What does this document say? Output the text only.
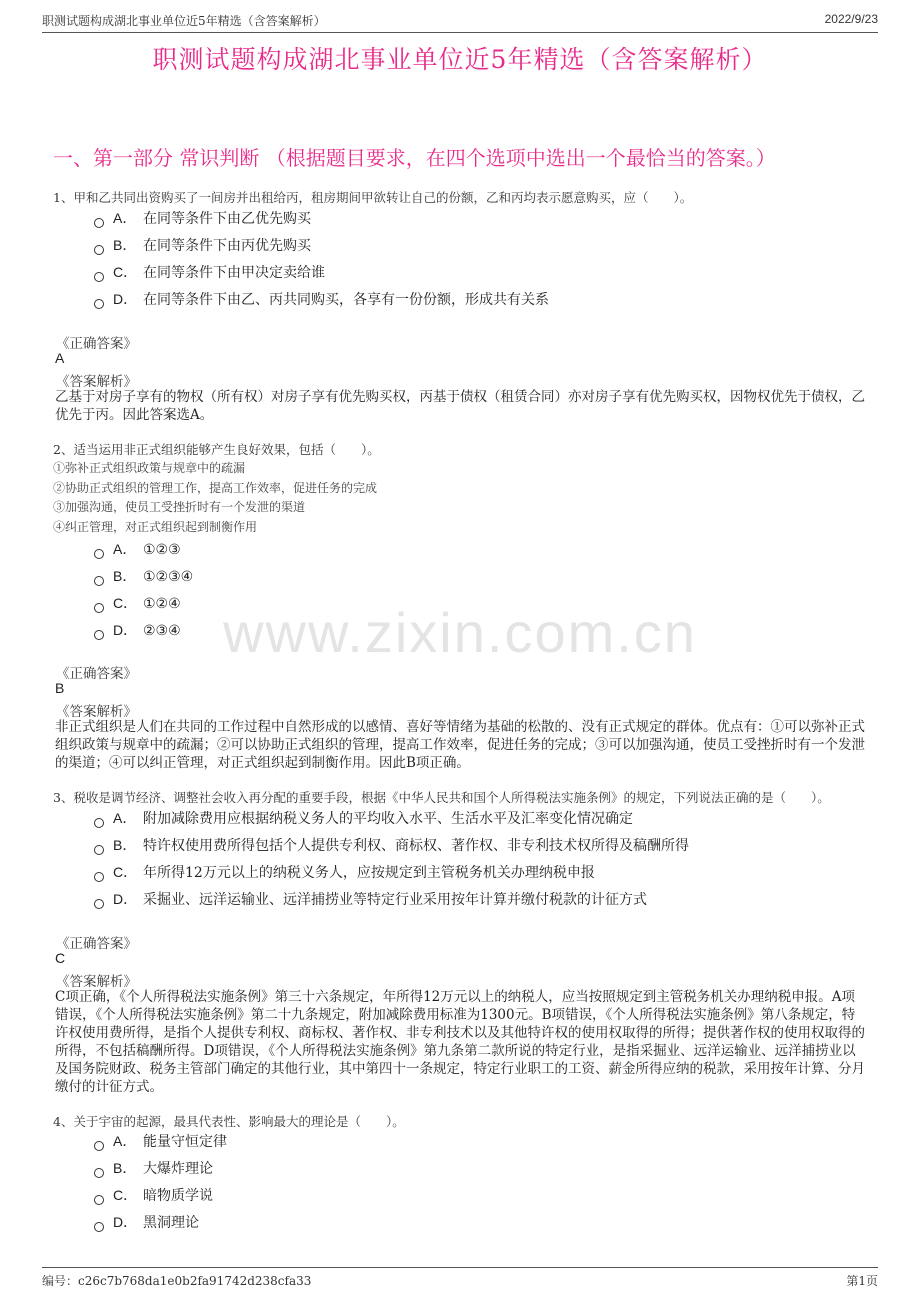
职测试题构成湖北事业单位近5年精选（含答案解析）	2022/9/23
职测试题构成湖北事业单位近5年精选（含答案解析）
一、第一部分 常识判断 （根据题目要求，在四个选项中选出一个最恰当的答案。）
www.zixin.com.cn
1、甲和乙共同出资购买了一间房并出租给丙，租房期间甲欲转让自己的份额，乙和丙均表示愿意购买，应（　　）。
A． 在同等条件下由乙优先购买
B． 在同等条件下由丙优先购买
C． 在同等条件下由甲决定卖给谁
D． 在同等条件下由乙、丙共同购买，各享有一份份额，形成共有关系
《正确答案》
A
《答案解析》
乙基于对房子享有的物权（所有权）对房子享有优先购买权，丙基于债权（租赁合同）亦对房子享有优先购买权，因物权优先于债权，乙优先于丙。因此答案选A。
2、适当运用非正式组织能够产生良好效果，包括（　　）。
①弥补正式组织政策与规章中的疏漏
②协助正式组织的管理工作，提高工作效率，促进任务的完成
③加强沟通，使员工受挫折时有一个发泄的渠道
④纠正管理，对正式组织起到制衡作用
A． ①②③
B． ①②③④
C． ①②④
D． ②③④
《正确答案》
B
《答案解析》
非正式组织是人们在共同的工作过程中自然形成的以感情、喜好等情绪为基础的松散的、没有正式规定的群体。优点有：①可以弥补正式组织政策与规章中的疏漏；②可以协助正式组织的管理，提高工作效率，促进任务的完成；③可以加强沟通，使员工受挫折时有一个发泄的渠道；④可以纠正管理，对正式组织起到制衡作用。因此B项正确。
3、税收是调节经济、调整社会收入再分配的重要手段，根据《中华人民共和国个人所得税法实施条例》的规定，下列说法正确的是（　　）。
A． 附加减除费用应根据纳税义务人的平均收入水平、生活水平及汇率变化情况确定
B． 特许权使用费所得包括个人提供专利权、商标权、著作权、非专利技术权所得及稿酬所得
C． 年所得12万元以上的纳税义务人，应按规定到主管税务机关办理纳税申报
D． 采掘业、远洋运输业、远洋捕捞业等特定行业采用按年计算并缴付税款的计征方式
《正确答案》
C
《答案解析》
C项正确，《个人所得税法实施条例》第三十六条规定，年所得12万元以上的纳税人，应当按照规定到主管税务机关办理纳税申报。A项错误，《个人所得税法实施条例》第二十九条规定，附加减除费用标准为1300元。B项错误，《个人所得税法实施条例》第八条规定，特许权使用费所得，是指个人提供专利权、商标权、著作权、非专利技术以及其他特许权的使用权取得的所得；提供著作权的使用权取得的所得，不包括稿酬所得。D项错误，《个人所得税法实施条例》第九条第二款所说的特定行业，是指采掘业、远洋运输业、远洋捕捞业以及国务院财政、税务主管部门确定的其他行业，其中第四十一条规定，特定行业职工的工资、薪金所得应纳的税款，采用按年计算、分月缴付的计征方式。
4、关于宇宙的起源，最具代表性、影响最大的理论是（　　）。
A． 能量守恒定律
B． 大爆炸理论
C． 暗物质学说
D． 黑洞理论
编号：c26c7b768da1e0b2fa91742d238cfa33	第1页
